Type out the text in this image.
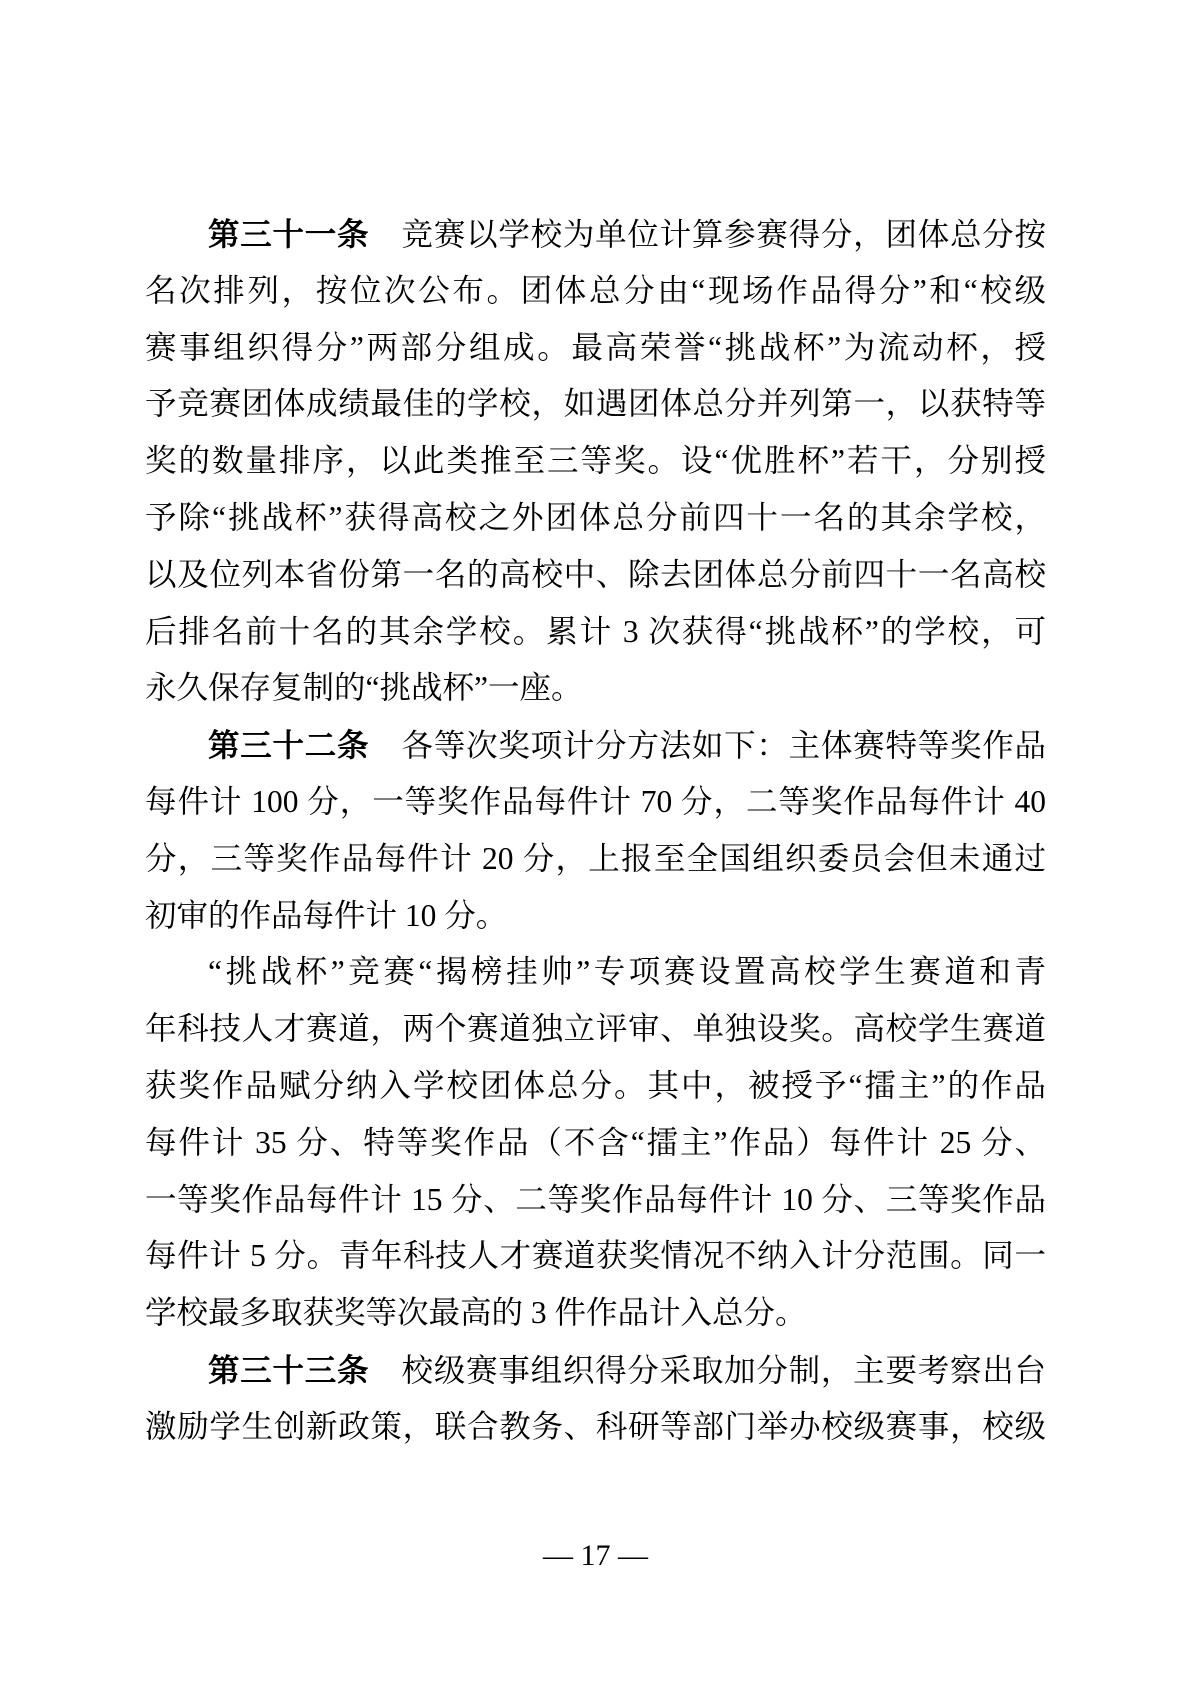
第三十一条　竞赛以学校为单位计算参赛得分，团体总分按
名次排列，按位次公布。团体总分由“现场作品得分”和“校级
赛事组织得分”两部分组成。最高荣誉“挑战杯”为流动杯，授
予竞赛团体成绩最佳的学校，如遇团体总分并列第一，以获特等
奖的数量排序，以此类推至三等奖。设“优胜杯”若干，分别授
予除“挑战杯”获得高校之外团体总分前四十一名的其余学校，
以及位列本省份第一名的高校中、除去团体总分前四十一名高校
后排名前十名的其余学校。累计 3 次获得“挑战杯”的学校，可
永久保存复制的“挑战杯”一座。
第三十二条　各等次奖项计分方法如下：主体赛特等奖作品
每件计 100 分，一等奖作品每件计 70 分，二等奖作品每件计 40
分，三等奖作品每件计 20 分，上报至全国组织委员会但未通过
初审的作品每件计 10 分。
“挑战杯”竞赛“揭榜挂帅”专项赛设置高校学生赛道和青
年科技人才赛道，两个赛道独立评审、单独设奖。高校学生赛道
获奖作品赋分纳入学校团体总分。其中，被授予“擂主”的作品
每件计 35 分、特等奖作品（不含“擂主”作品）每件计 25 分、
一等奖作品每件计 15 分、二等奖作品每件计 10 分、三等奖作品
每件计 5 分。青年科技人才赛道获奖情况不纳入计分范围。同一
学校最多取获奖等次最高的 3 件作品计入总分。
第三十三条　校级赛事组织得分采取加分制，主要考察出台
激励学生创新政策，联合教务、科研等部门举办校级赛事，校级
— 17 —
